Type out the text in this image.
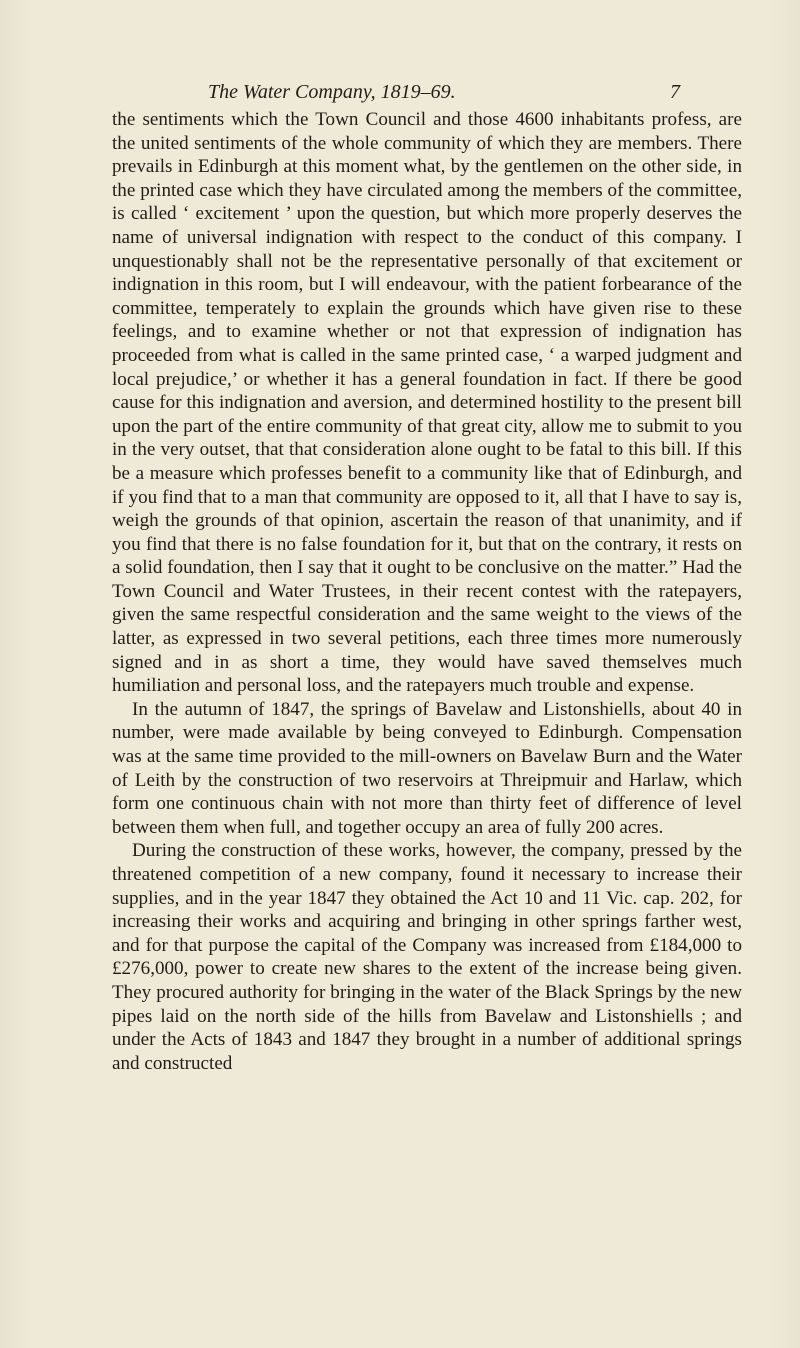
The Water Company, 1819–69.	7

the sentiments which the Town Council and those 4600 inhabitants profess, are the united sentiments of the whole community of which they are members. There prevails in Edinburgh at this moment what, by the gentlemen on the other side, in the printed case which they have circulated among the members of the committee, is called ‘ excitement ’ upon the question, but which more properly deserves the name of universal indignation with respect to the conduct of this company. I unquestionably shall not be the representative personally of that excitement or indignation in this room, but I will endeavour, with the patient forbearance of the committee, temperately to explain the grounds which have given rise to these feelings, and to examine whether or not that expression of indignation has proceeded from what is called in the same printed case, ‘ a warped judgment and local prejudice,’ or whether it has a general foundation in fact. If there be good cause for this indignation and aversion, and determined hostility to the present bill upon the part of the entire community of that great city, allow me to submit to you in the very outset, that that consideration alone ought to be fatal to this bill. If this be a measure which professes benefit to a community like that of Edinburgh, and if you find that to a man that community are opposed to it, all that I have to say is, weigh the grounds of that opinion, ascertain the reason of that unanimity, and if you find that there is no false foundation for it, but that on the contrary, it rests on a solid foundation, then I say that it ought to be conclusive on the matter.” Had the Town Council and Water Trustees, in their recent contest with the ratepayers, given the same respectful consideration and the same weight to the views of the latter, as expressed in two several petitions, each three times more numerously signed and in as short a time, they would have saved themselves much humiliation and personal loss, and the ratepayers much trouble and expense.

In the autumn of 1847, the springs of Bavelaw and Listonshiells, about 40 in number, were made available by being conveyed to Edinburgh. Compensation was at the same time provided to the mill-owners on Bavelaw Burn and the Water of Leith by the construction of two reservoirs at Threipmuir and Harlaw, which form one continuous chain with not more than thirty feet of difference of level between them when full, and together occupy an area of fully 200 acres.

During the construction of these works, however, the company, pressed by the threatened competition of a new company, found it necessary to increase their supplies, and in the year 1847 they obtained the Act 10 and 11 Vic. cap. 202, for increasing their works and acquiring and bringing in other springs farther west, and for that purpose the capital of the Company was increased from £184,000 to £276,000, power to create new shares to the extent of the increase being given. They procured authority for bringing in the water of the Black Springs by the new pipes laid on the north side of the hills from Bavelaw and Listonshiells ; and under the Acts of 1843 and 1847 they brought in a number of additional springs and constructed
